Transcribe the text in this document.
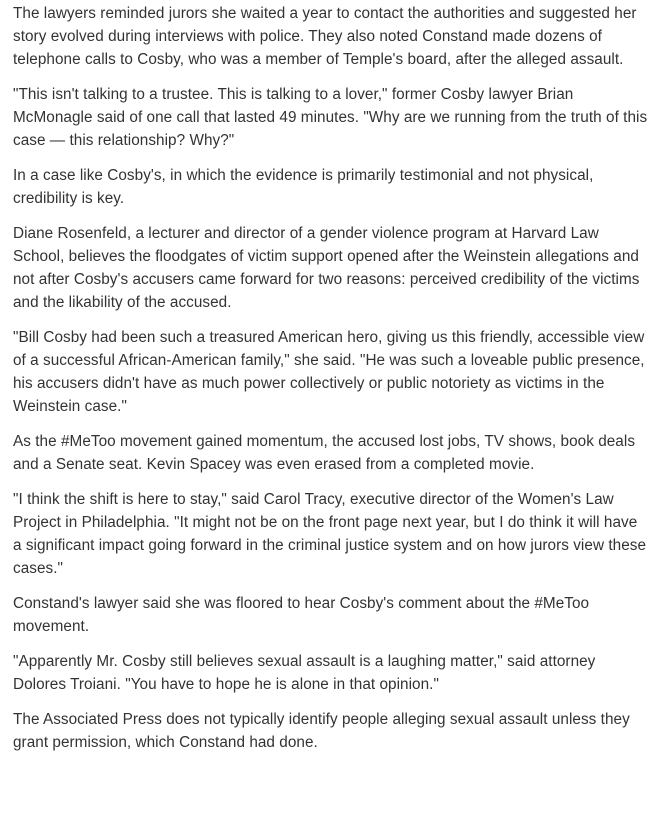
The lawyers reminded jurors she waited a year to contact the authorities and suggested her story evolved during interviews with police. They also noted Constand made dozens of telephone calls to Cosby, who was a member of Temple's board, after the alleged assault.

"This isn't talking to a trustee. This is talking to a lover," former Cosby lawyer Brian McMonagle said of one call that lasted 49 minutes. "Why are we running from the truth of this case — this relationship? Why?"

In a case like Cosby's, in which the evidence is primarily testimonial and not physical, credibility is key.

Diane Rosenfeld, a lecturer and director of a gender violence program at Harvard Law School, believes the floodgates of victim support opened after the Weinstein allegations and not after Cosby's accusers came forward for two reasons: perceived credibility of the victims and the likability of the accused.

"Bill Cosby had been such a treasured American hero, giving us this friendly, accessible view of a successful African-American family," she said. "He was such a loveable public presence, his accusers didn't have as much power collectively or public notoriety as victims in the Weinstein case."

As the #MeToo movement gained momentum, the accused lost jobs, TV shows, book deals and a Senate seat. Kevin Spacey was even erased from a completed movie.

"I think the shift is here to stay," said Carol Tracy, executive director of the Women's Law Project in Philadelphia. "It might not be on the front page next year, but I do think it will have a significant impact going forward in the criminal justice system and on how jurors view these cases."

Constand's lawyer said she was floored to hear Cosby's comment about the #MeToo movement.

"Apparently Mr. Cosby still believes sexual assault is a laughing matter," said attorney Dolores Troiani. "You have to hope he is alone in that opinion."

The Associated Press does not typically identify people alleging sexual assault unless they grant permission, which Constand had done.
